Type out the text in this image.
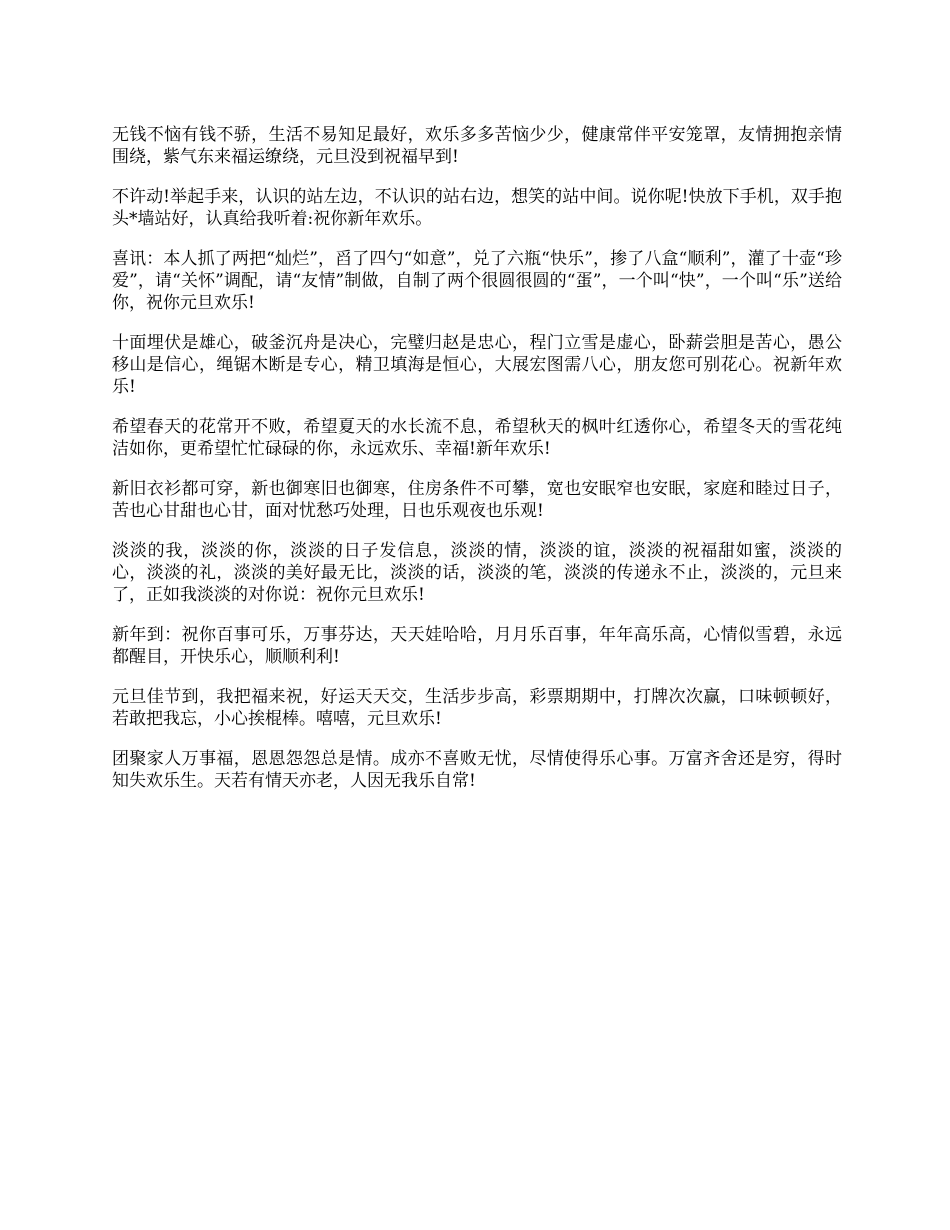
无钱不恼有钱不骄，生活不易知足最好，欢乐多多苦恼少少，健康常伴平安笼罩，友情拥抱亲情围绕，紫气东来福运缭绕，元旦没到祝福早到!

不许动!举起手来，认识的站左边，不认识的站右边，想笑的站中间。说你呢!快放下手机，双手抱头*墙站好，认真给我听着:祝你新年欢乐。

喜讯：本人抓了两把“灿烂”，舀了四勺“如意”，兑了六瓶“快乐”，掺了八盒“顺利”，灌了十壶“珍爱”，请“关怀”调配，请“友情”制做，自制了两个很圆很圆的“蛋”，一个叫“快”，一个叫“乐”送给你，祝你元旦欢乐!

十面埋伏是雄心，破釜沉舟是决心，完璧归赵是忠心，程门立雪是虚心，卧薪尝胆是苦心，愚公移山是信心，绳锯木断是专心，精卫填海是恒心，大展宏图需八心，朋友您可别花心。祝新年欢乐!

希望春天的花常开不败，希望夏天的水长流不息，希望秋天的枫叶红透你心，希望冬天的雪花纯洁如你，更希望忙忙碌碌的你，永远欢乐、幸福!新年欢乐!

新旧衣衫都可穿，新也御寒旧也御寒，住房条件不可攀，宽也安眠窄也安眠，家庭和睦过日子，苦也心甘甜也心甘，面对忧愁巧处理，日也乐观夜也乐观!

淡淡的我，淡淡的你，淡淡的日子发信息，淡淡的情，淡淡的谊，淡淡的祝福甜如蜜，淡淡的心，淡淡的礼，淡淡的美好最无比，淡淡的话，淡淡的笔，淡淡的传递永不止，淡淡的，元旦来了，正如我淡淡的对你说：祝你元旦欢乐!

新年到：祝你百事可乐，万事芬达，天天娃哈哈，月月乐百事，年年高乐高，心情似雪碧，永远都醒目，开快乐心，顺顺利利!

元旦佳节到，我把福来祝，好运天天交，生活步步高，彩票期期中，打牌次次赢，口味顿顿好，若敢把我忘，小心挨棍棒。嘻嘻，元旦欢乐!

团聚家人万事福，恩恩怨怨总是情。成亦不喜败无忧，尽情使得乐心事。万富齐舍还是穷，得时知失欢乐生。天若有情天亦老，人因无我乐自常!
